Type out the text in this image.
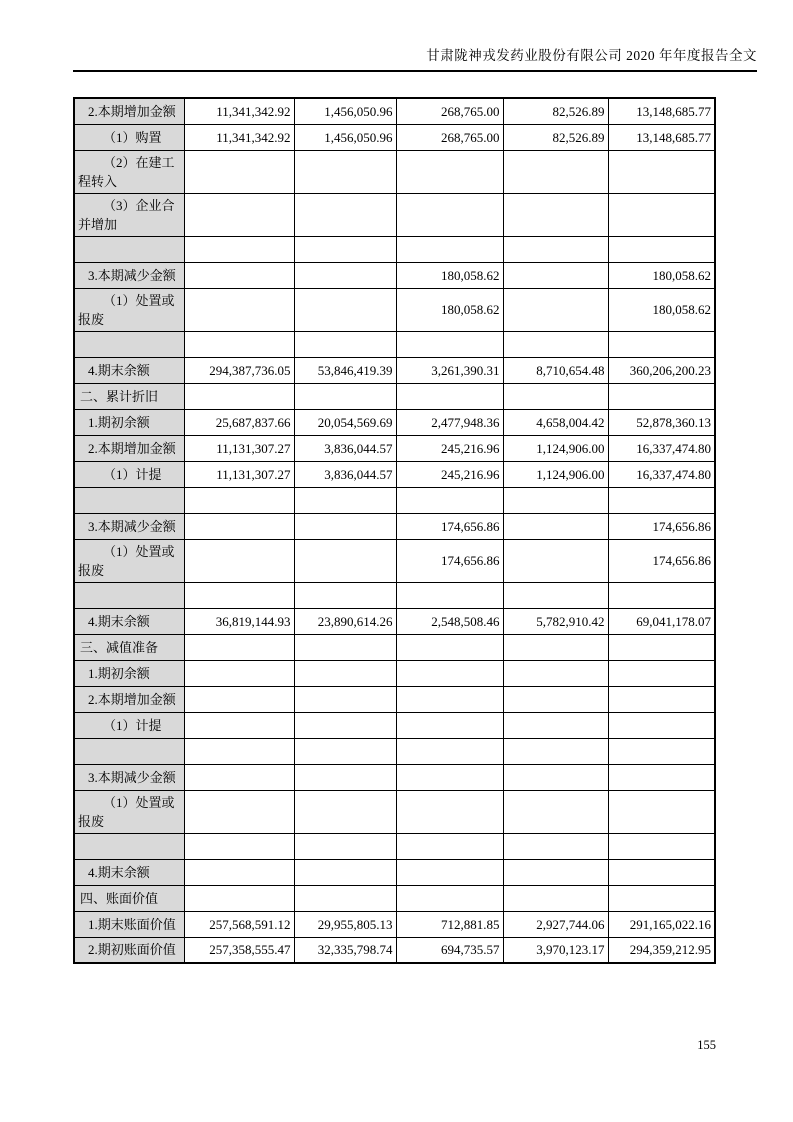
甘肃陇神戎发药业股份有限公司 2020 年年度报告全文
2.本期增加金额	11,341,342.92	1,456,050.96	268,765.00	82,526.89	13,148,685.77
（1）购置	11,341,342.92	1,456,050.96	268,765.00	82,526.89	13,148,685.77
（2）在建工程转入					
（3）企业合并增加					

3.本期减少金额			180,058.62		180,058.62
（1）处置或报废			180,058.62		180,058.62

4.期末余额	294,387,736.05	53,846,419.39	3,261,390.31	8,710,654.48	360,206,200.23
二、累计折旧					
1.期初余额	25,687,837.66	20,054,569.69	2,477,948.36	4,658,004.42	52,878,360.13
2.本期增加金额	11,131,307.27	3,836,044.57	245,216.96	1,124,906.00	16,337,474.80
（1）计提	11,131,307.27	3,836,044.57	245,216.96	1,124,906.00	16,337,474.80

3.本期减少金额			174,656.86		174,656.86
（1）处置或报废			174,656.86		174,656.86

4.期末余额	36,819,144.93	23,890,614.26	2,548,508.46	5,782,910.42	69,041,178.07
三、减值准备					
1.期初余额					
2.本期增加金额					
（1）计提					

3.本期减少金额					
（1）处置或报废					

4.期末余额					
四、账面价值					
1.期末账面价值	257,568,591.12	29,955,805.13	712,881.85	2,927,744.06	291,165,022.16
2.期初账面价值	257,358,555.47	32,335,798.74	694,735.57	3,970,123.17	294,359,212.95
155
